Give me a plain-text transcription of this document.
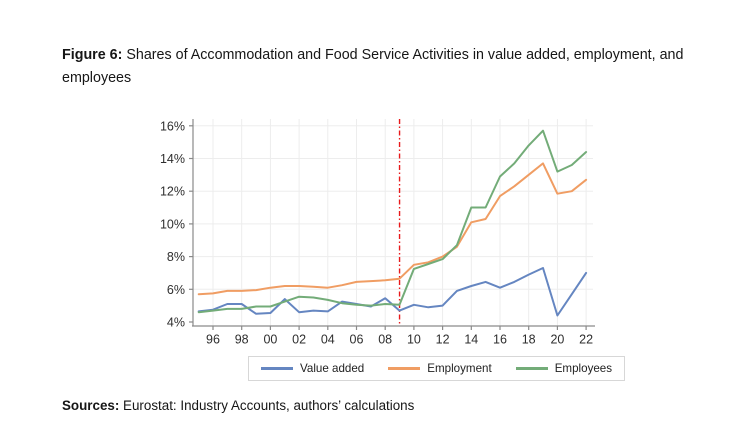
Figure 6: Shares of Accommodation and Food Service Activities in value added, employment, and
employees

4%
6%
8%
10%
12%
14%
16%
96 98 00 02 04 06 08 10 12 14 16 18 20 22
Value added	Employment	Employees

Sources: Eurostat: Industry Accounts, authors’ calculations
